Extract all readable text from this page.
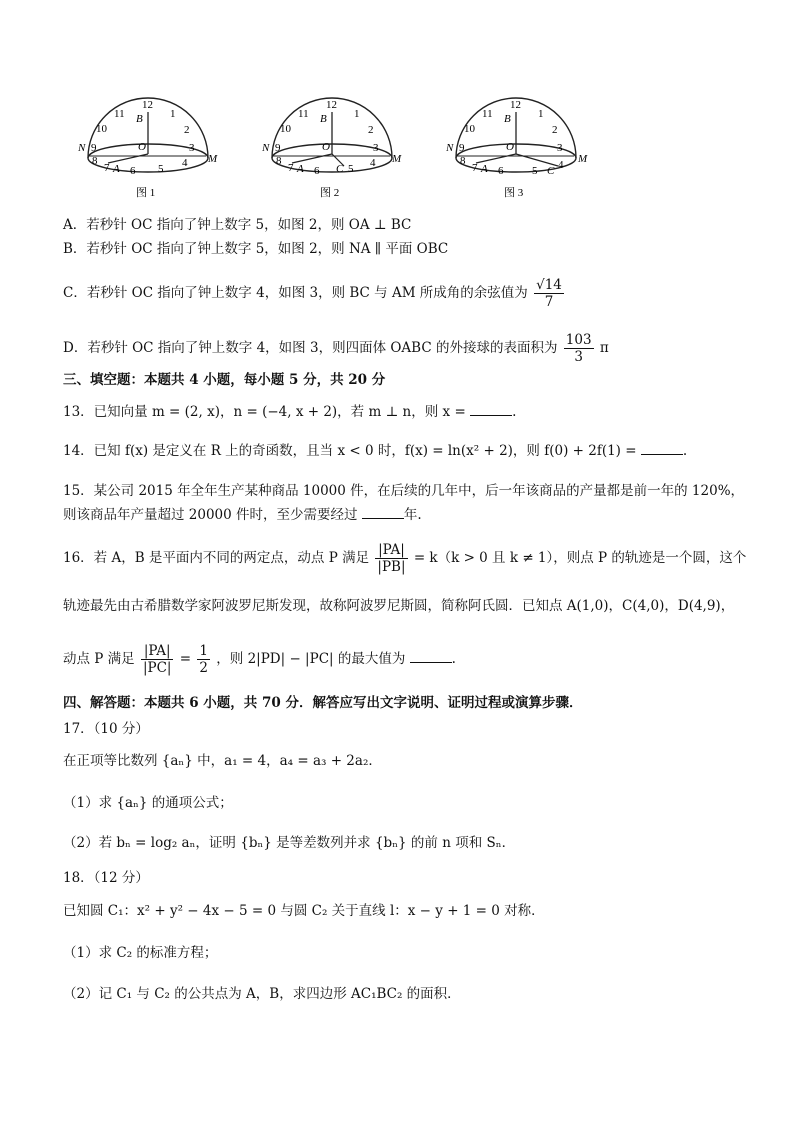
12
11
10
9
8
7 6 5 4
3
2
1
B
O
A
N
M
图 1
12
11
10
9
8
7 6	5 4
3
2
1
B
O
A	C
N
M
图 2
12
11
10
9
8
7 6	5 4
3
2
1
B
O
A	C
N
M
图 3
A．若秒针 OC 指向了钟上数字 5，如图 2，则 OA ⊥ BC
B．若秒针 OC 指向了钟上数字 5，如图 2，则 NA ∥ 平面 OBC
C．若秒针 OC 指向了钟上数字 4，如图 3，则 BC 与 AM 所成角的余弦值为 $\frac{√14}{7}$
D．若秒针 OC 指向了钟上数字 4，如图 3，则四面体 OABC 的外接球的表面积为 $\frac{103}{3}$ π
三、填空题：本题共 4 小题，每小题 5 分，共 20 分
13．已知向量 m = (2, x)，n = (−4, x + 2)，若 m ⊥ n，则 x =	.
14．已知 f(x) 是定义在 R 上的奇函数，且当 x < 0 时，f(x) = ln(x² + 2)，则 f(0) + 2f(1) =	.
15．某公司 2015 年全年生产某种商品 10000 件，在后续的几年中，后一年该商品的产量都是前一年的 120%，
则该商品年产量超过 20000 件时，至少需要经过	年.
16．若 A，B 是平面内不同的两定点，动点 P 满足 $\frac{|PA|}{|PB|} = k(k > 0$ 且 k ≠ 1），则点 P 的轨迹是一个圆，这个
轨迹最先由古希腊数学家阿波罗尼斯发现，故称阿波罗尼斯圆，简称阿氏圆．已知点 A(1,0)，C(4,0)，D(4,9)，
动点 P 满足 $\frac{|PA|}{|PC|} = \frac{1}{2}$ ，则 2|PD| − |PC| 的最大值为	.
四、解答题：本题共 6 小题，共 70 分．解答应写出文字说明、证明过程或演算步骤．
17．（10 分）
在正项等比数列 {aₙ} 中，a₁ = 4，a₄ = a₃ + 2a₂．
（1）求 {aₙ} 的通项公式；
（2）若 bₙ = log₂ aₙ，证明 {bₙ} 是等差数列并求 {bₙ} 的前 n 项和 Sₙ．
18．（12 分）
已知圆 C₁：x² + y² − 4x − 5 = 0 与圆 C₂ 关于直线 l：x − y + 1 = 0 对称．
（1）求 C₂ 的标准方程；
（2）记 C₁ 与 C₂ 的公共点为 A，B，求四边形 AC₁BC₂ 的面积．
